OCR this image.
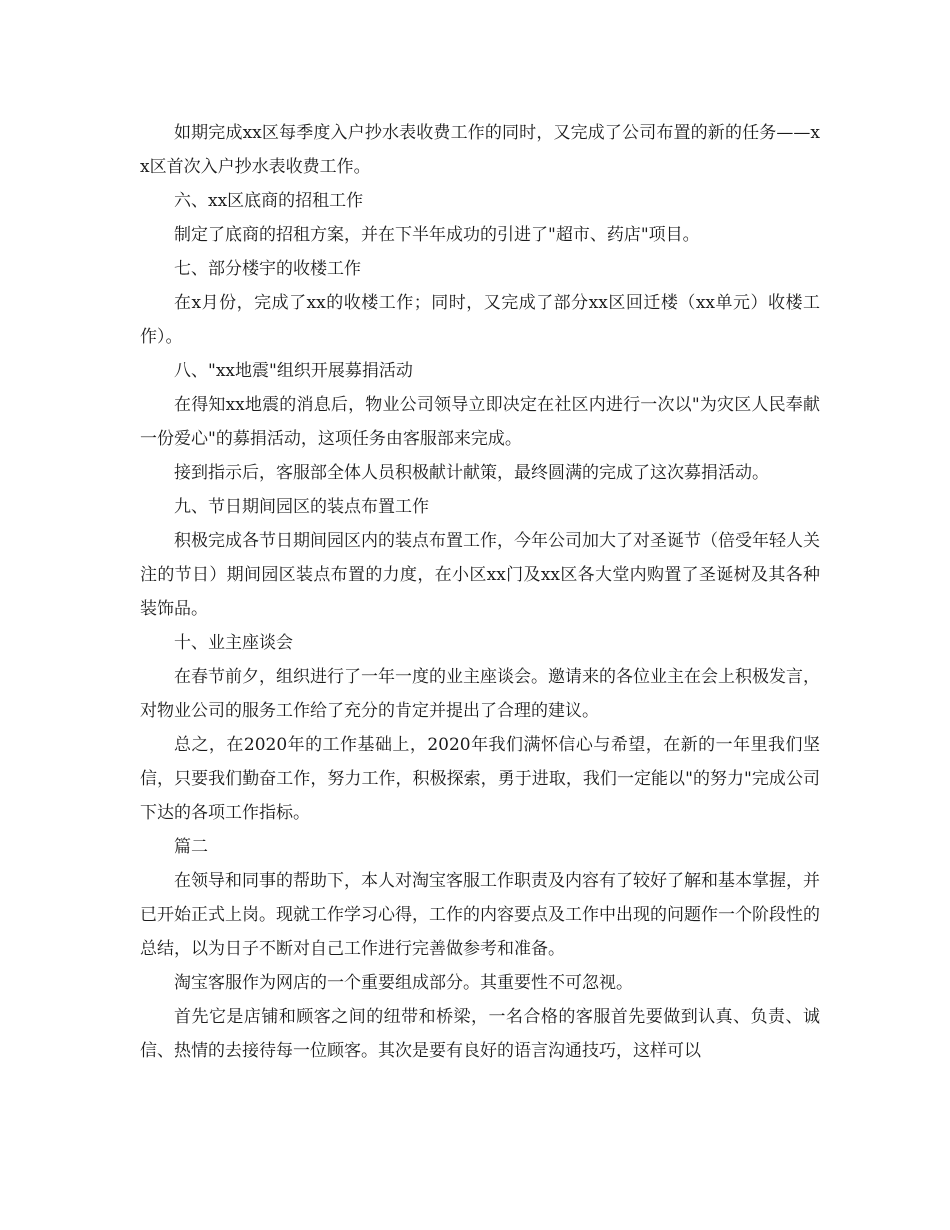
如期完成xx区每季度入户抄水表收费工作的同时，又完成了公司布置的新的任务——xx区首次入户抄水表收费工作。

六、xx区底商的招租工作

制定了底商的招租方案，并在下半年成功的引进了"超市、药店"项目。

七、部分楼宇的收楼工作

在x月份，完成了xx的收楼工作；同时，又完成了部分xx区回迁楼（xx单元）收楼工作）。

八、"xx地震"组织开展募捐活动

在得知xx地震的消息后，物业公司领导立即决定在社区内进行一次以"为灾区人民奉献一份爱心"的募捐活动，这项任务由客服部来完成。

接到指示后，客服部全体人员积极献计献策，最终圆满的完成了这次募捐活动。

九、节日期间园区的装点布置工作

积极完成各节日期间园区内的装点布置工作，今年公司加大了对圣诞节（倍受年轻人关注的节日）期间园区装点布置的力度，在小区xx门及xx区各大堂内购置了圣诞树及其各种装饰品。

十、业主座谈会

在春节前夕，组织进行了一年一度的业主座谈会。邀请来的各位业主在会上积极发言，对物业公司的服务工作给了充分的肯定并提出了合理的建议。

总之，在2020年的工作基础上，2020年我们满怀信心与希望，在新的一年里我们坚信，只要我们勤奋工作，努力工作，积极探索，勇于进取，我们一定能以"的努力"完成公司下达的各项工作指标。

篇二

在领导和同事的帮助下，本人对淘宝客服工作职责及内容有了较好了解和基本掌握，并已开始正式上岗。现就工作学习心得，工作的内容要点及工作中出现的问题作一个阶段性的总结，以为日子不断对自己工作进行完善做参考和准备。

淘宝客服作为网店的一个重要组成部分。其重要性不可忽视。

首先它是店铺和顾客之间的纽带和桥梁，一名合格的客服首先要做到认真、负责、诚信、热情的去接待每一位顾客。其次是要有良好的语言沟通技巧，这样可以
